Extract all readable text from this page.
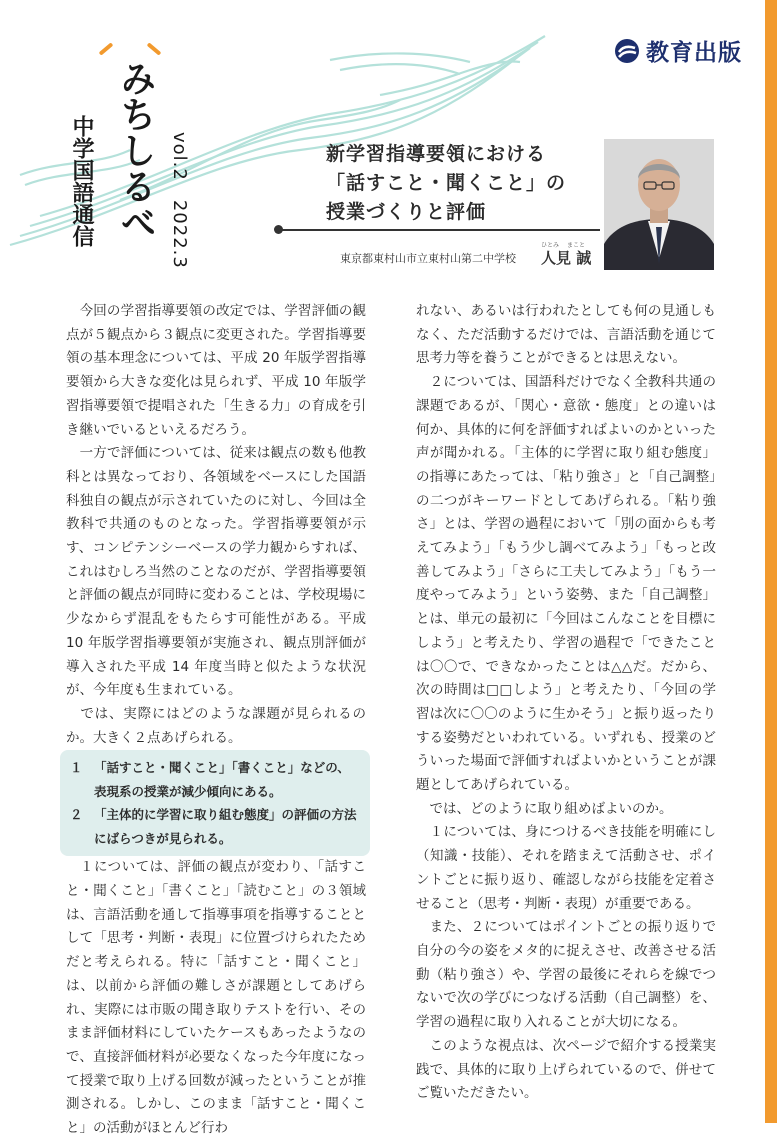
みちしるべ
中学国語通信	vol.2　2022.3
教育出版
新学習指導要領における
「話すこと・聞くこと」の
授業づくりと評価
東京都東村山市立東村山第二中学校
ひとみ まこと
人見 誠

　今回の学習指導要領の改定では、学習評価の観点が５観点から３観点に変更された。学習指導要領の基本理念については、平成 20 年版学習指導要領から大きな変化は見られず、平成 10 年版学習指導要領で提唱された「生きる力」の育成を引き継いでいるといえるだろう。

　一方で評価については、従来は観点の数も他教科とは異なっており、各領域をベースにした国語科独自の観点が示されていたのに対し、今回は全教科で共通のものとなった。学習指導要領が示す、コンピテンシーベースの学力観からすれば、これはむしろ当然のことなのだが、学習指導要領と評価の観点が同時に変わることは、学校現場に少なからず混乱をもたらす可能性がある。平成 10 年版学習指導要領が実施され、観点別評価が導入された平成 14 年度当時と似たような状況が、今年度も生まれている。

　では、実際にはどのような課題が見られるのか。大きく２点あげられる。

１ 「話すこと・聞くこと」「書くこと」などの、表現系の授業が減少傾向にある。
２ 「主体的に学習に取り組む態度」の評価の方法にばらつきが見られる。

　１については、評価の観点が変わり、「話すこと・聞くこと」「書くこと」「読むこと」の３領域は、言語活動を通して指導事項を指導することとして「思考・判断・表現」に位置づけられたためだと考えられる。特に「話すこと・聞くこと」は、以前から評価の難しさが課題としてあげられ、実際には市販の聞き取りテストを行い、そのまま評価材料にしていたケースもあったようなので、直接評価材料が必要なくなった今年度になって授業で取り上げる回数が減ったということが推測される。しかし、このまま「話すこと・聞くこと」の活動がほとんど行わ

れない、あるいは行われたとしても何の見通しもなく、ただ活動するだけでは、言語活動を通じて思考力等を養うことができるとは思えない。

　２については、国語科だけでなく全教科共通の課題であるが、「関心・意欲・態度」との違いは何か、具体的に何を評価すればよいのかといった声が聞かれる。「主体的に学習に取り組む態度」の指導にあたっては、「粘り強さ」と「自己調整」の二つがキーワードとしてあげられる。「粘り強さ」とは、学習の過程において「別の面からも考えてみよう」「もう少し調べてみよう」「もっと改善してみよう」「さらに工夫してみよう」「もう一度やってみよう」という姿勢、また「自己調整」とは、単元の最初に「今回はこんなことを目標にしよう」と考えたり、学習の過程で「できたことは〇〇で、できなかったことは△△だ。だから、次の時間は□□しよう」と考えたり、「今回の学習は次に〇〇のように生かそう」と振り返ったりする姿勢だといわれている。いずれも、授業のどういった場面で評価すればよいかということが課題としてあげられている。

　では、どのように取り組めばよいのか。

　１については、身につけるべき技能を明確にし（知識・技能）、それを踏まえて活動させ、ポイントごとに振り返り、確認しながら技能を定着させること（思考・判断・表現）が重要である。

　また、２についてはポイントごとの振り返りで自分の今の姿をメタ的に捉えさせ、改善させる活動（粘り強さ）や、学習の最後にそれらを線でつないで次の学びにつなげる活動（自己調整）を、学習の過程に取り入れることが大切になる。

　このような視点は、次ページで紹介する授業実践で、具体的に取り上げられているので、併せてご覧いただきたい。
